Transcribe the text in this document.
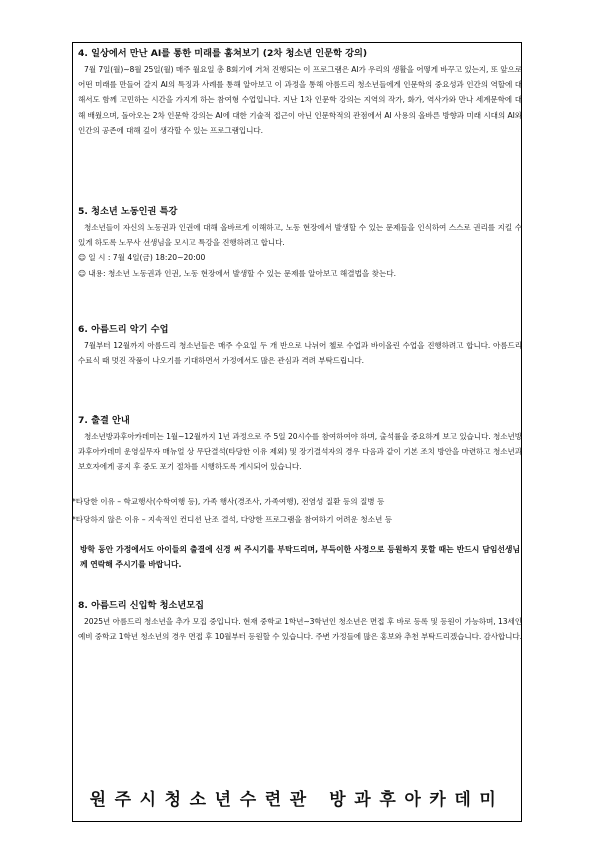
4. 일상에서 만난 AI를 통한 미래를 훔쳐보기 (2차 청소년 인문학 강의)

7월 7일(월)~8월 25일(월) 매주 월요일 총 8회기에 거쳐 진행되는 이 프로그램은 AI가 우리의 생활을 어떻게 바꾸고 있는지, 또 앞으로 어떤 미래를 만들어 갈지 AI의 특징과 사례를 통해 알아보고 이 과정을 통해 아름드리 청소년들에게 인문학의 중요성과 인간의 역할에 대해서도 함께 고민하는 시간을 가지게 하는 참여형 수업입니다. 지난 1차 인문학 강의는 지역의 작가, 화가, 역사가와 만나 세계문학에 대해 배웠으며, 돌아오는 2차 인문학 강의는 AI에 대한 기술적 접근이 아닌 인문학적의 관점에서 AI 사용의 올바른 방향과 미래 시대의 AI와 인간의 공존에 대해 깊이 생각할 수 있는 프로그램입니다.

5. 청소년 노동인권 특강

청소년들이 자신의 노동권과 인권에 대해 올바르게 이해하고, 노동 현장에서 발생할 수 있는 문제들을 인식하여 스스로 권리를 지킬 수 있게 하도록 노무사 선생님을 모시고 특강을 진행하려고 합니다.

☺ 일 시 : 7월 4일(금) 18:20~20:00

☺ 내용: 청소년 노동권과 인권, 노동 현장에서 발생할 수 있는 문제를 알아보고 해결법을 찾는다.

6. 아름드리 악기 수업

7월부터 12월까지 아름드리 청소년들은 매주 수요일 두 개 반으로 나뉘어 첼로 수업과 바이올린 수업을 진행하려고 합니다. 아름드리 수료식 때 멋진 작품이 나오기를 기대하면서 가정에서도 많은 관심과 격려 부탁드립니다.

7. 출결 안내

청소년방과후아카데미는 1월~12월까지 1년 과정으로 주 5일 20시수를 참여하여야 하며, 출석률을 중요하게 보고 있습니다. 청소년방과후아카데미 운영실무자 매뉴얼 상 무단결석(타당한 이유 제외) 및 장기결석자의 경우 다음과 같이 기본 조치 방안을 마련하고 청소년과 보호자에게 공지 후 중도 포기 절차를 시행하도록 게시되어 있습니다.

*타당한 이유 – 학교행사(수학여행 등), 가족 행사(경조사, 가족여행), 전염성 질환 등의 질병 등
*타당하지 않은 이유 – 지속적인 컨디션 난조 결석, 다양한 프로그램을 참여하기 어려운 청소년 등

방학 동안 가정에서도 아이들의 출결에 신경 써 주시기를 부탁드리며, 부득이한 사정으로 등원하지 못할 때는 반드시 담임선생님께 연락해 주시기를 바랍니다.

8. 아름드리 신입학 청소년모집

2025년 아름드리 청소년을 추가 모집 중입니다. 현재 중학교 1학년~3학년인 청소년은 면접 후 바로 등록 및 등원이 가능하며, 13세인 예비 중학교 1학년 청소년의 경우 면접 후 10월부터 등원할 수 있습니다. 주변 가정들에 많은 홍보와 추천 부탁드리겠습니다. 감사합니다.

원주시청소년수련관 방과후아카데미
